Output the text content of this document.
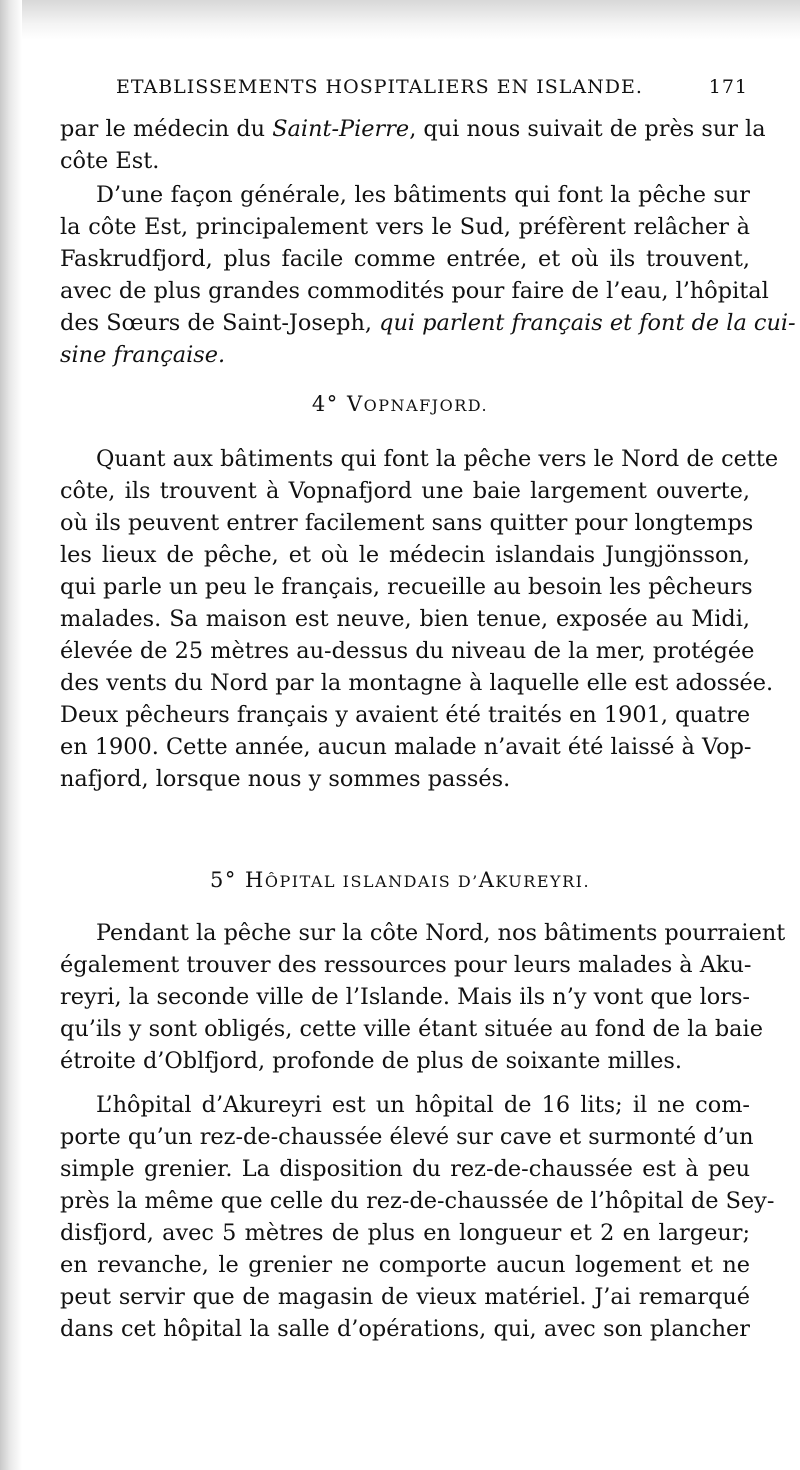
ETABLISSEMENTS HOSPITALIERS EN ISLANDE.	171
par le médecin du Saint-Pierre, qui nous suivait de près sur la
côte Est.
D’une façon générale, les bâtiments qui font la pêche sur
la côte Est, principalement vers le Sud, préfèrent relâcher à
Faskrudfjord, plus facile comme entrée, et où ils trouvent,
avec de plus grandes commodités pour faire de l’eau, l’hôpital
des Sœurs de Saint-Joseph, qui parlent français et font de la cui-
sine française.
4° VOPNAFJORD.
Quant aux bâtiments qui font la pêche vers le Nord de cette
côte, ils trouvent à Vopnafjord une baie largement ouverte,
où ils peuvent entrer facilement sans quitter pour longtemps
les lieux de pêche, et où le médecin islandais Jungjönsson,
qui parle un peu le français, recueille au besoin les pêcheurs
malades. Sa maison est neuve, bien tenue, exposée au Midi,
élevée de 25 mètres au-dessus du niveau de la mer, protégée
des vents du Nord par la montagne à laquelle elle est adossée.
Deux pêcheurs français y avaient été traités en 1901, quatre
en 1900. Cette année, aucun malade n’avait été laissé à Vop-
nafjord, lorsque nous y sommes passés.
5° HÔPITAL ISLANDAIS D’AKUREYRI.
Pendant la pêche sur la côte Nord, nos bâtiments pourraient
également trouver des ressources pour leurs malades à Aku-
reyri, la seconde ville de l’Islande. Mais ils n’y vont que lors-
qu’ils y sont obligés, cette ville étant située au fond de la baie
étroite d’Oblfjord, profonde de plus de soixante milles.
L’hôpital d’Akureyri est un hôpital de 16 lits; il ne com-
porte qu’un rez-de-chaussée élevé sur cave et surmonté d’un
simple grenier. La disposition du rez-de-chaussée est à peu
près la même que celle du rez-de-chaussée de l’hôpital de Sey-
disfjord, avec 5 mètres de plus en longueur et 2 en largeur;
en revanche, le grenier ne comporte aucun logement et ne
peut servir que de magasin de vieux matériel. J’ai remarqué
dans cet hôpital la salle d’opérations, qui, avec son plancher
